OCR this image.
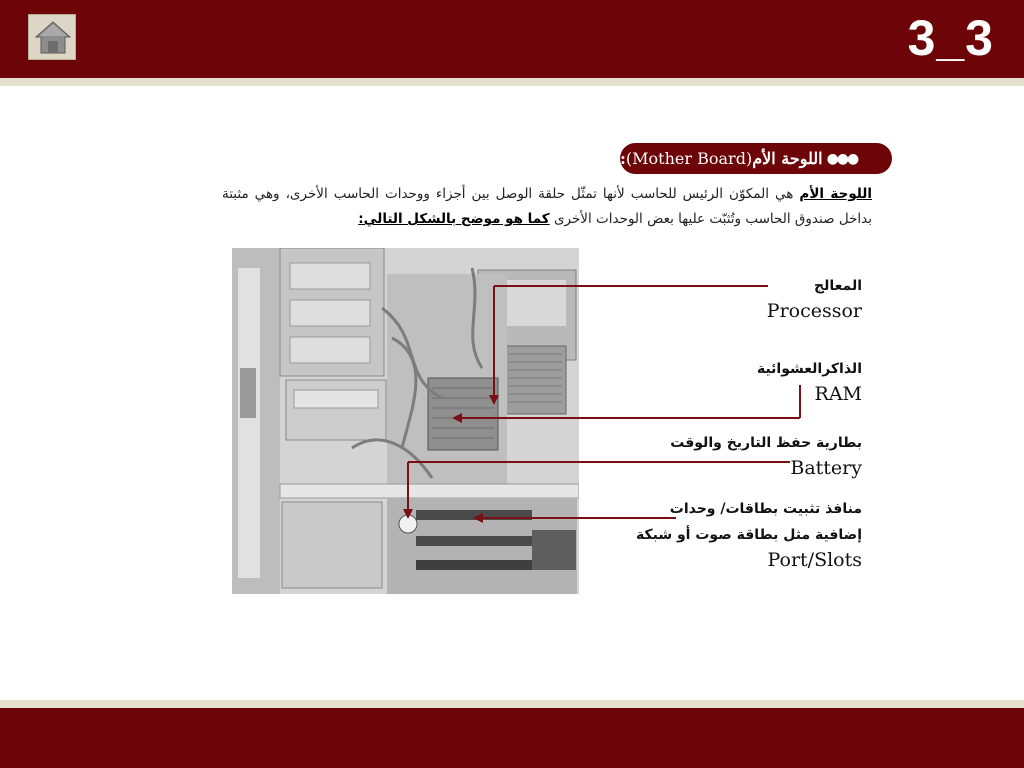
3_3
●●●
اللوحة الأم
(Mother Board)
:
اللوحة الأم هي المكوّن الرئيس للحاسب لأنها تمثّل حلقة الوصل بين أجزاء ووحدات الحاسب الأخرى، وهي مثبتة بداخل صندوق الحاسب وتُثبّت عليها بعض الوحدات الأخرى كما هو موضح بالشكل التالي:
المعالج
Processor
الذاكرالعشوائية
RAM
بطارية حفظ التاريخ والوقت
Battery
منافذ تثبيت بطاقات/ وحدات
إضافية مثل بطاقة صوت أو شبكة
Port/Slots
